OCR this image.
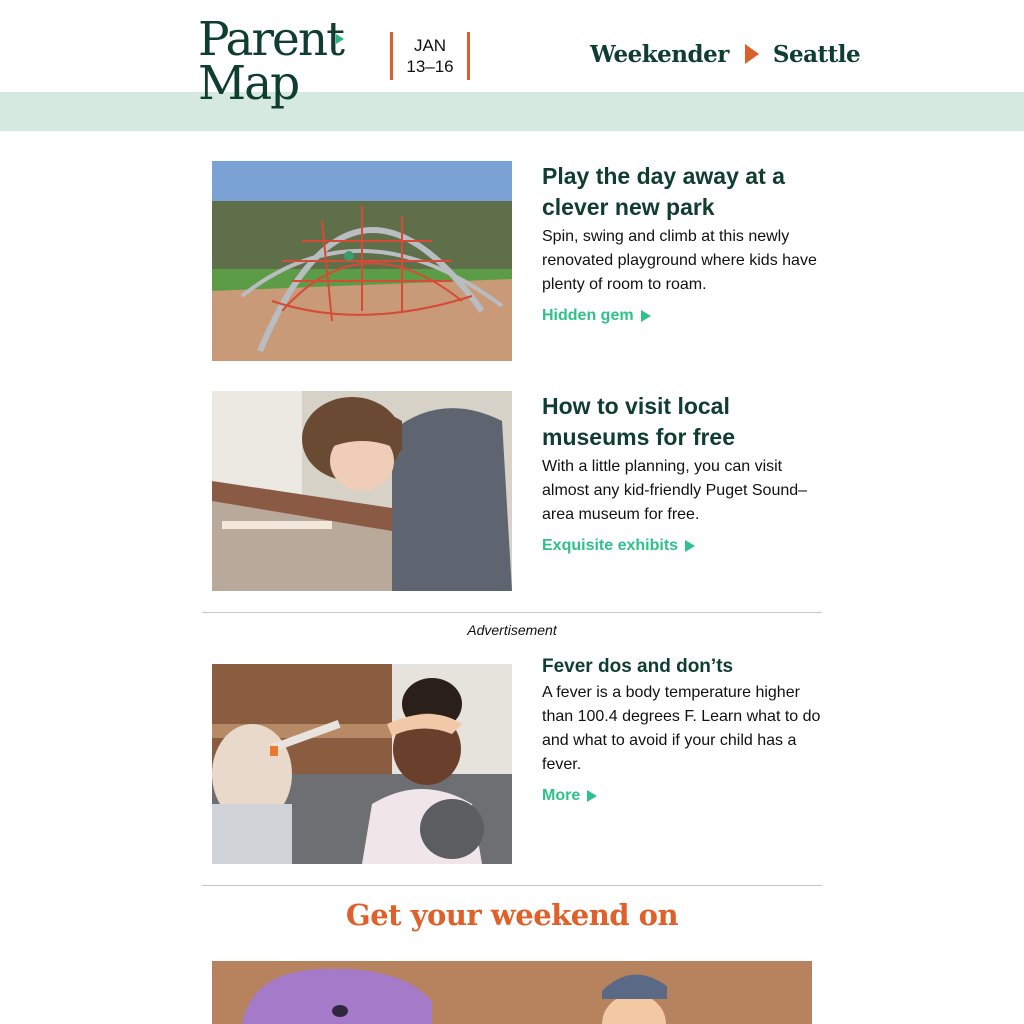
Parent
Map
JAN
13–16	Weekender Seattle
Play the day away at a clever new park
Spin, swing and climb at this newly renovated playground where kids have plenty of room to roam.
Hidden gem
How to visit local museums for free
With a little planning, you can visit almost any kid-friendly Puget Sound–area museum for free.
Exquisite exhibits
Advertisement
Fever dos and don’ts
A fever is a body temperature higher than 100.4 degrees F. Learn what to do and what to avoid if your child has a fever.
More
Get your weekend on
